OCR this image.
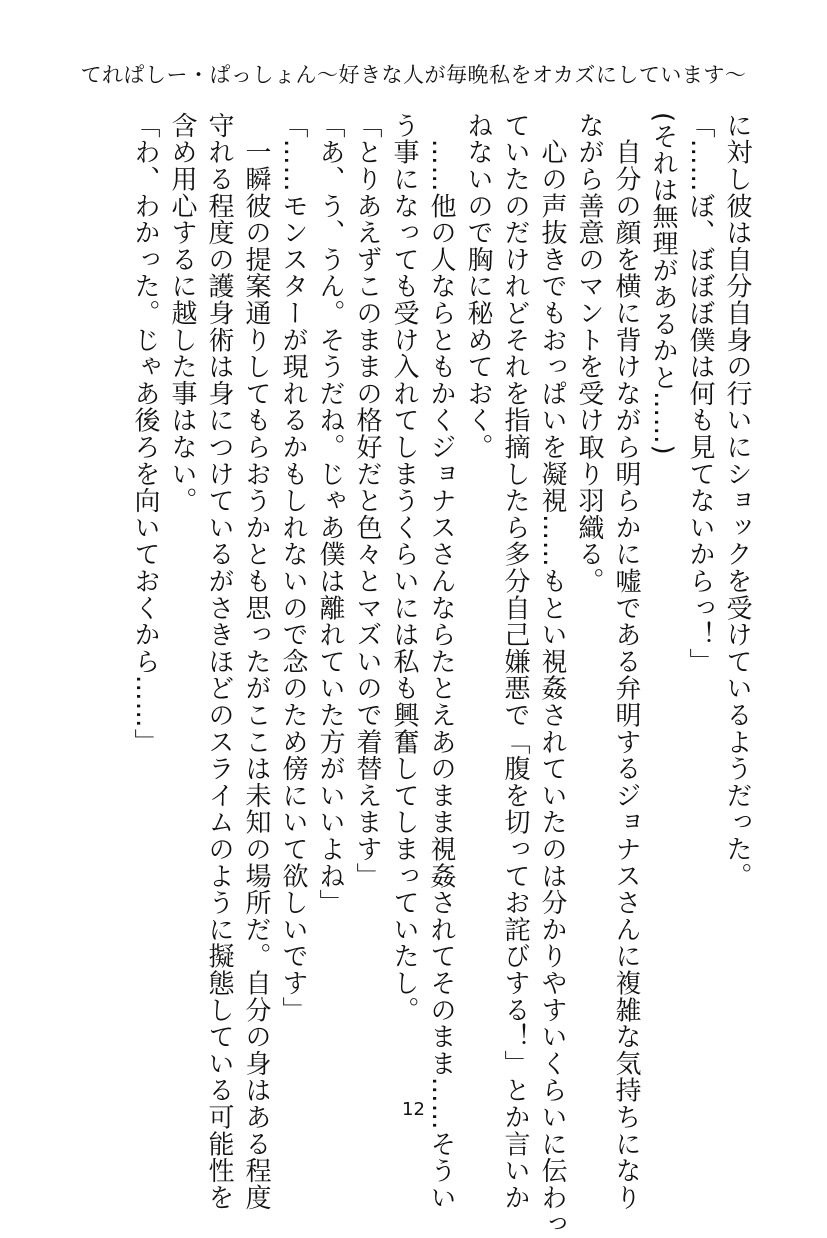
てれぱしー・ぱっしょん〜好きな人が毎晩私をオカズにしています〜
に対し彼は自分自身の行いにショックを受けているようだった。
「……ぼ、ぼぼぼ僕は何も見てないからっ！」
(それは無理があるかと……)
　自分の顔を横に背けながら明らかに嘘である弁明するジョナスさんに複雑な気持ちになり
ながら善意のマントを受け取り羽織る。
　心の声抜きでもおっぱいを凝視……もとい視姦されていたのは分かりやすいくらいに伝わっ
ていたのだけれどそれを指摘したら多分自己嫌悪で「腹を切ってお詫びする！」とか言いか
ねないので胸に秘めておく。
　……他の人ならともかくジョナスさんならたとえあのまま視姦されてそのまま……そうい
う事になっても受け入れてしまうくらいには私も興奮してしまっていたし。
「とりあえずこのままの格好だと色々とマズいので着替えます」
「あ、う、うん。そうだね。じゃあ僕は離れていた方がいいよね」
「……モンスターが現れるかもしれないので念のため傍にいて欲しいです」
　一瞬彼の提案通りしてもらおうかとも思ったがここは未知の場所だ。自分の身はある程度
守れる程度の護身術は身につけているがさきほどのスライムのように擬態している可能性を
含め用心するに越した事はない。
「わ、わかった。じゃあ後ろを向いておくから……」
12
